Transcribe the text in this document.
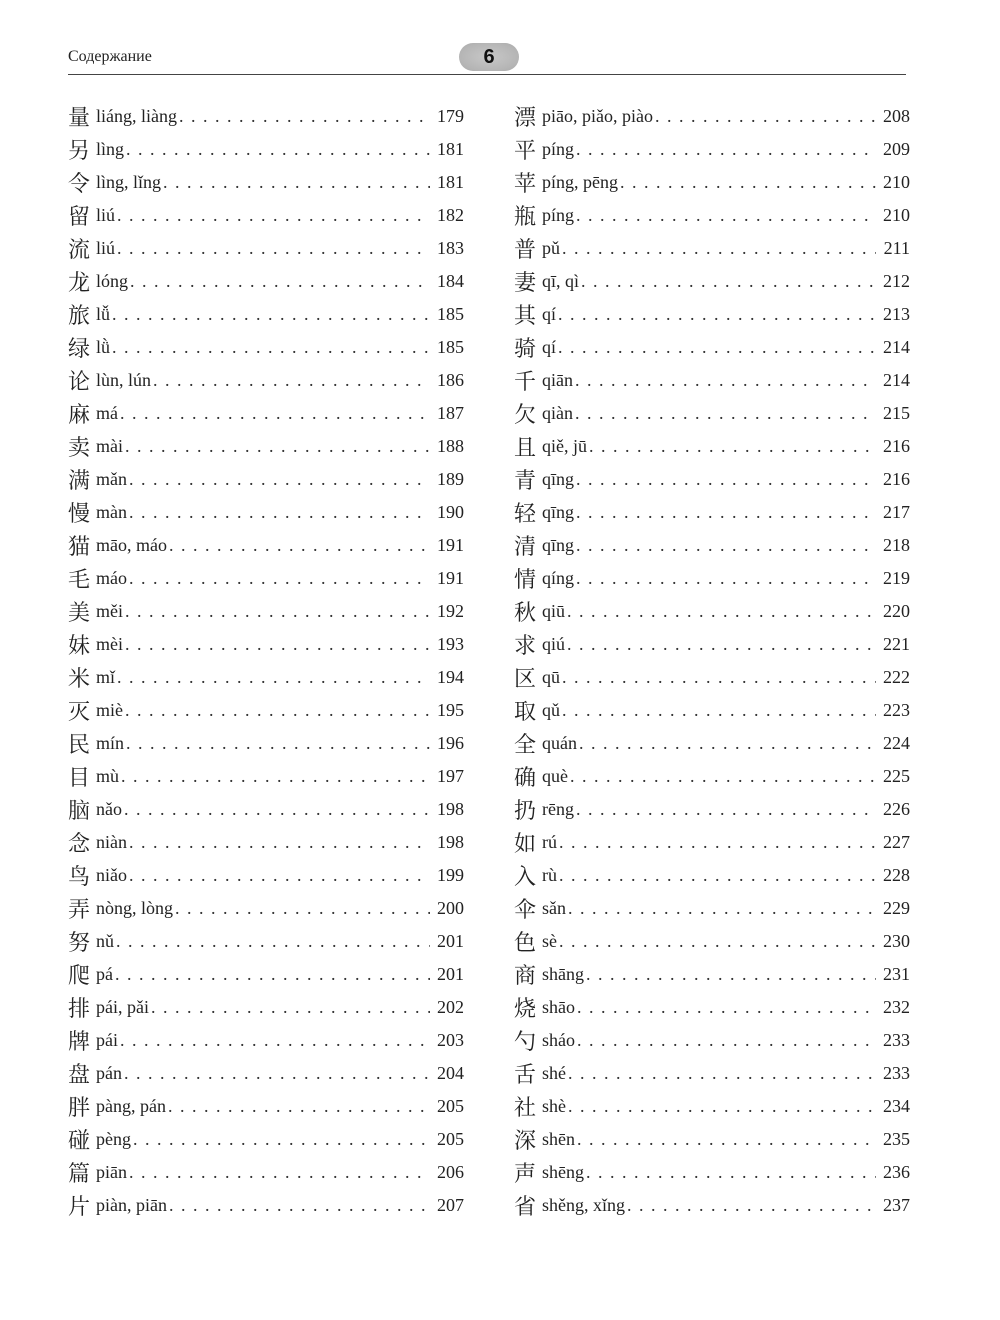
Содержание	6
量 liáng, liàng . . .	179
另 lìng . . .	181
令 lìng, lǐng . . .	181
留 liú . . .	182
流 liú . . .	183
龙 lóng . . .	184
旅 lǚ . . .	185
绿 lǜ . . .	185
论 lùn, lún . . .	186
麻 má . . .	187
卖 mài . . .	188
满 mǎn . . .	189
慢 màn . . .	190
猫 māo, máo . . .	191
毛 máo . . .	191
美 měi . . .	192
妹 mèi . . .	193
米 mǐ . . .	194
灭 miè . . .	195
民 mín . . .	196
目 mù . . .	197
脑 nǎo . . .	198
念 niàn . . .	198
鸟 niǎo . . .	199
弄 nòng, lòng . . .	200
努 nǔ . . .	201
爬 pá . . .	201
排 pái, pǎi . . .	202
牌 pái . . .	203
盘 pán . . .	204
胖 pàng, pán . . .	205
碰 pèng . . .	205
篇 piān . . .	206
片 piàn, piān . . .	207
漂 piāo, piǎo, piào . . .	208
平 píng . . .	209
苹 píng, pēng . . .	210
瓶 píng . . .	210
普 pǔ . . .	211
妻 qī, qì . . .	212
其 qí . . .	213
骑 qí . . .	214
千 qiān . . .	214
欠 qiàn . . .	215
且 qiě, jū . . .	216
青 qīng . . .	216
轻 qīng . . .	217
清 qīng . . .	218
情 qíng . . .	219
秋 qiū . . .	220
求 qiú . . .	221
区 qū . . .	222
取 qǔ . . .	223
全 quán . . .	224
确 què . . .	225
扔 rēng . . .	226
如 rú . . .	227
入 rù . . .	228
伞 sǎn . . .	229
色 sè . . .	230
商 shāng . . .	231
烧 shāo . . .	232
勺 sháo . . .	233
舌 shé . . .	233
社 shè . . .	234
深 shēn . . .	235
声 shēng . . .	236
省 shěng, xǐng . . .	237
